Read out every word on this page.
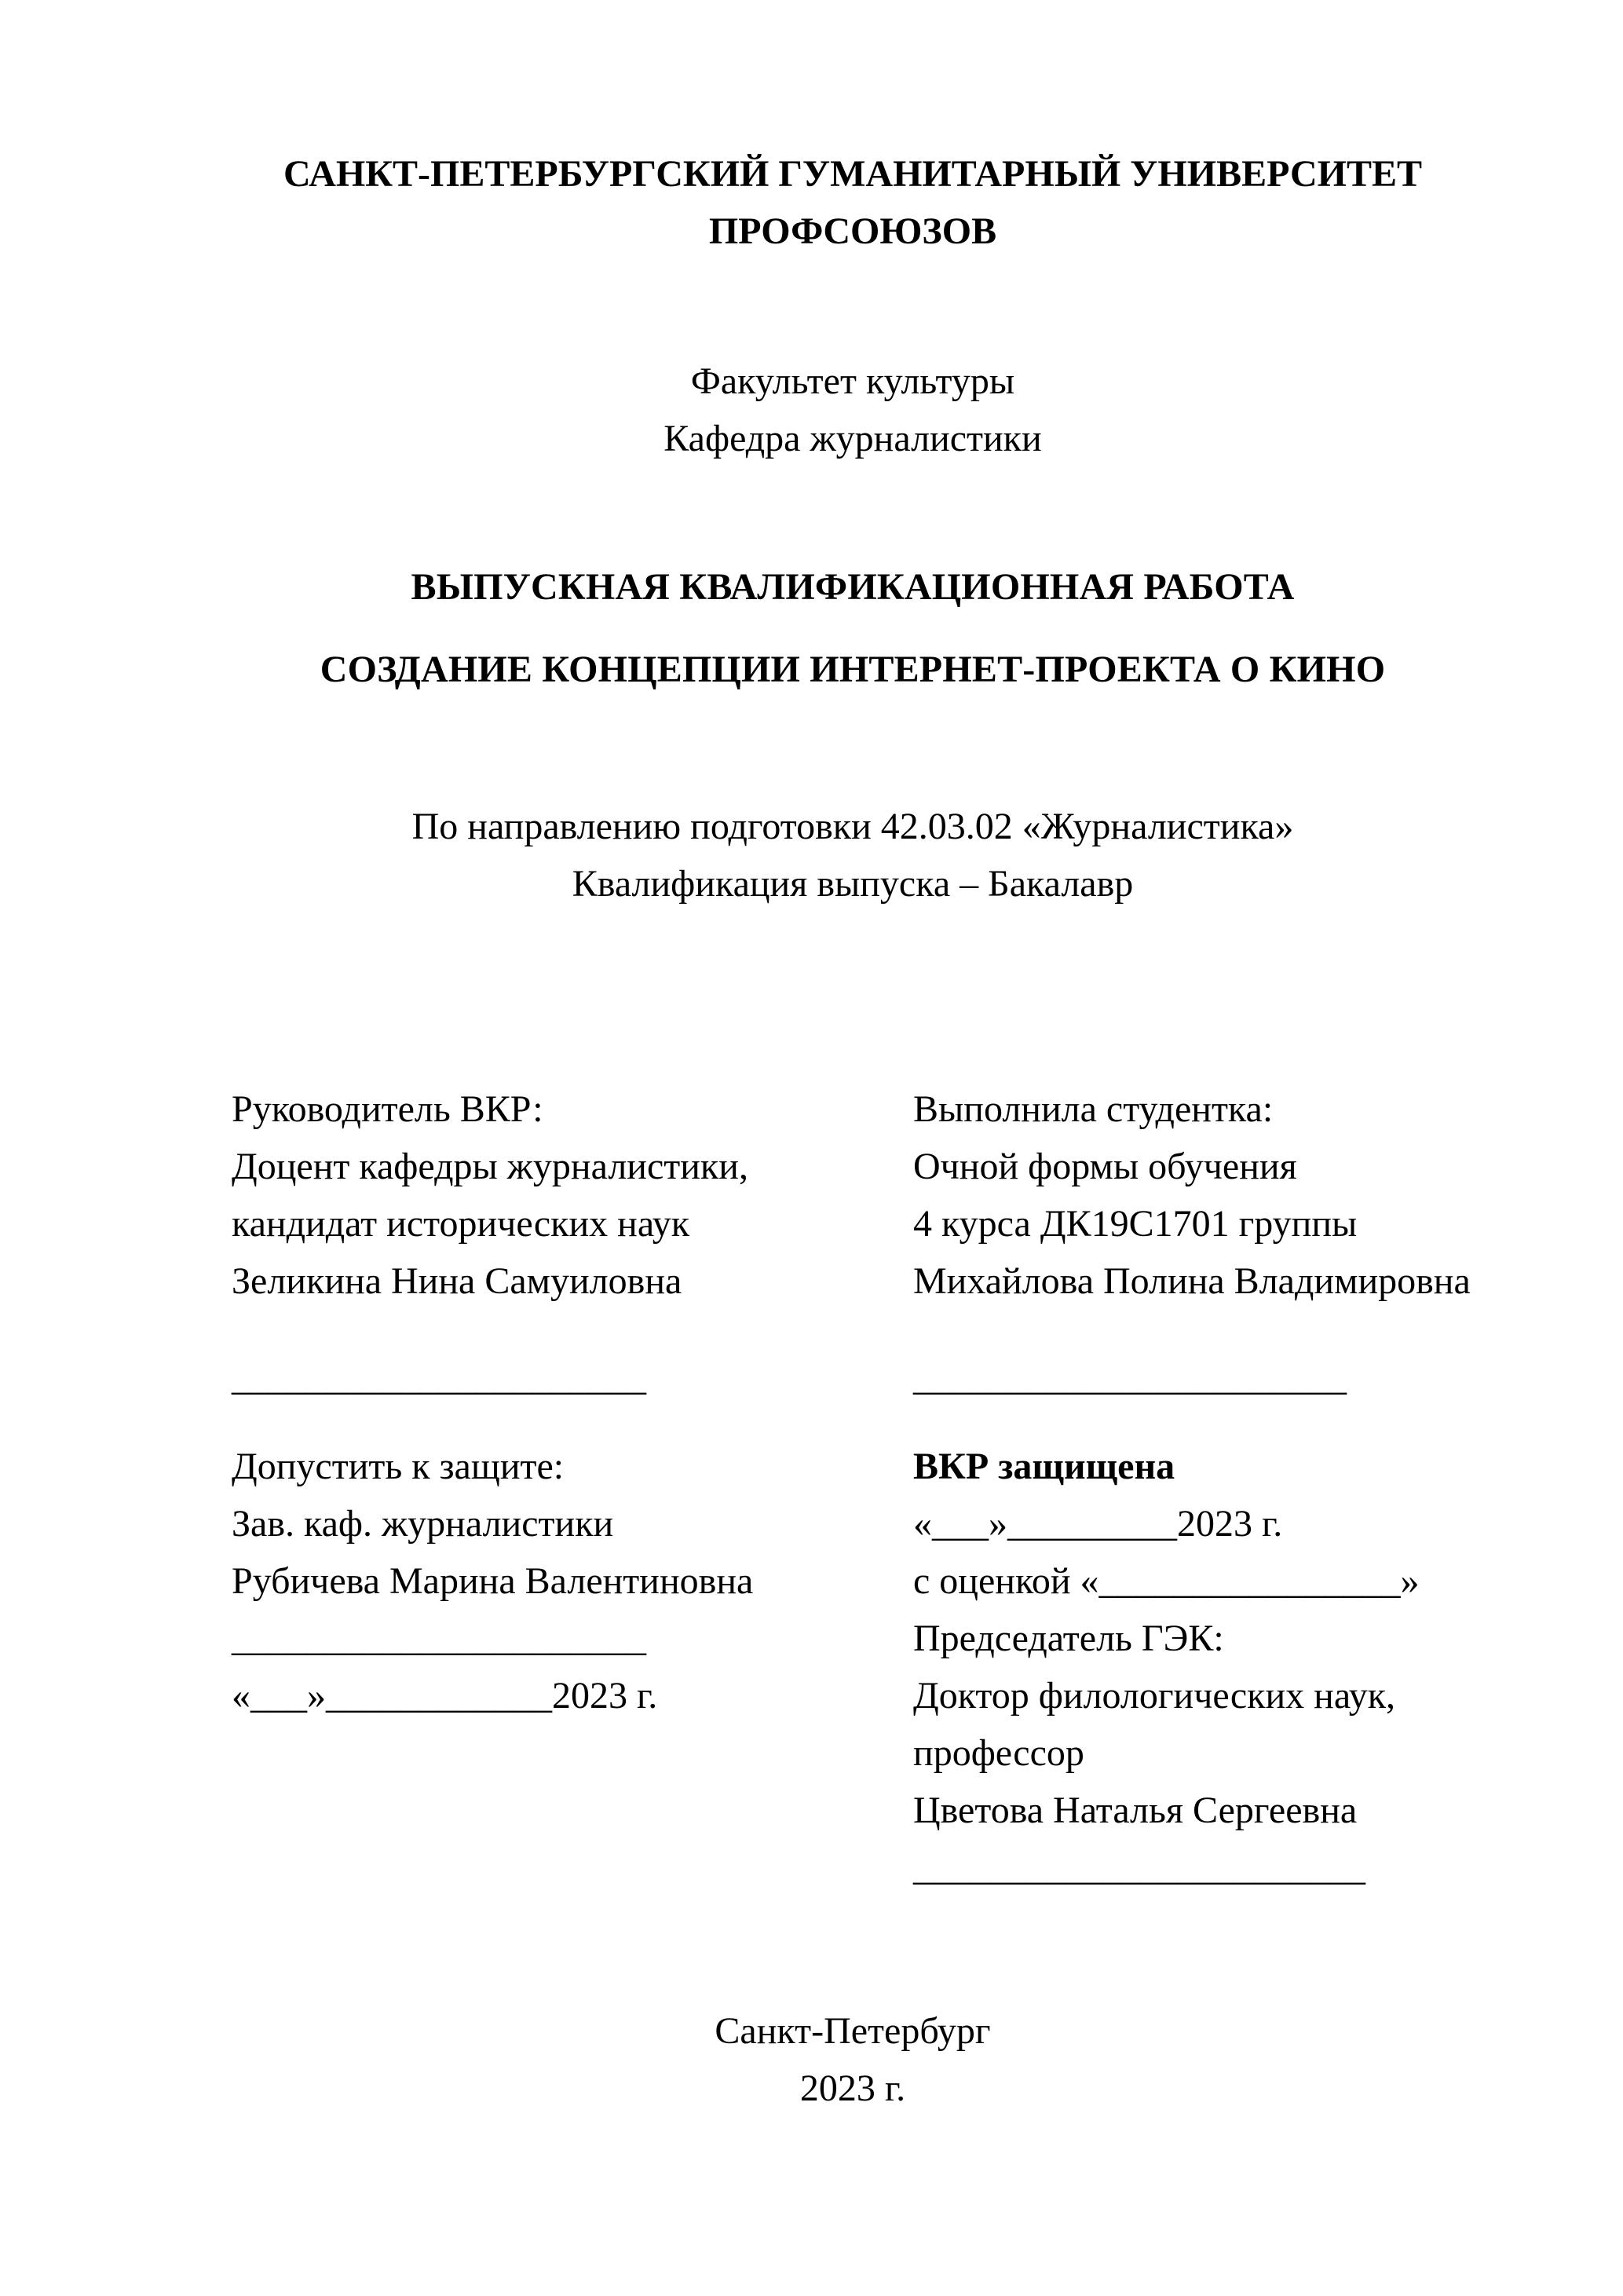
САНКТ-ПЕТЕРБУРГСКИЙ ГУМАНИТАРНЫЙ УНИВЕРСИТЕТ
ПРОФСОЮЗОВ
Факультет культуры
Кафедра журналистики
ВЫПУСКНАЯ КВАЛИФИКАЦИОННАЯ РАБОТА
СОЗДАНИЕ КОНЦЕПЦИИ ИНТЕРНЕТ-ПРОЕКТА О КИНО
По направлению подготовки 42.03.02 «Журналистика»
Квалификация выпуска – Бакалавр
Руководитель ВКР:
Доцент кафедры журналистики,
кандидат исторических наук
Зеликина Нина Самуиловна
______________________
Выполнила студентка:
Очной формы обучения
4 курса ДК19С1701 группы
Михайлова Полина Владимировна
_______________________
Допустить к защите:
Зав. каф. журналистики
Рубичева Марина Валентиновна
______________________
«___»____________2023 г.
ВКР защищена
«___»_________2023 г.
с оценкой «________________»
Председатель ГЭК:
Доктор филологических наук,
профессор
Цветова Наталья Сергеевна
________________________
Санкт-Петербург
2023 г.
